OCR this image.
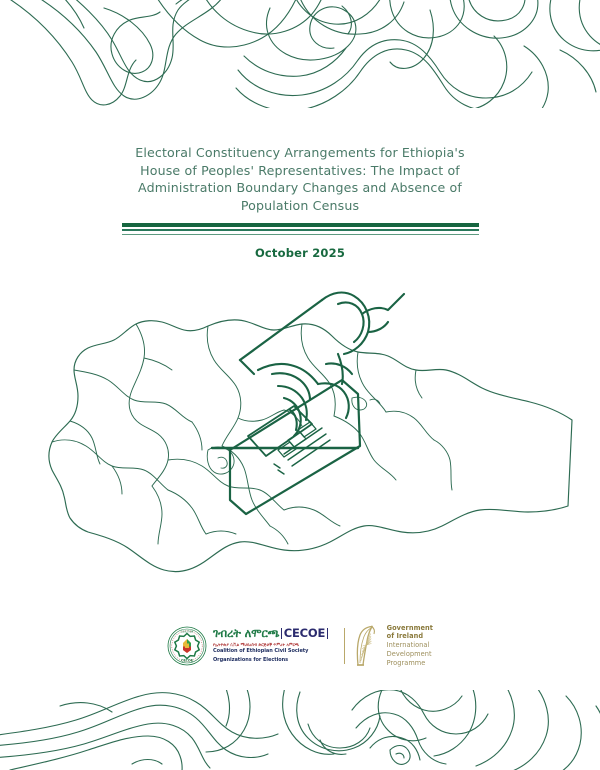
Electoral Constituency Arrangements for Ethiopia's
House of Peoples' Representatives: The Impact of
Administration Boundary Changes and Absence of
Population Census
October 2025
CECOE
COALITION ገብረት ለሞርጫ CECOE
የኢትዮጵያ ሲቪል ማህበረሰብ ድርጅቶች ጥምረት ለምርጫ
Coalition of Ethiopian Civil Society
Organizations for Elections
Government
of Ireland
International
Development
Programme
